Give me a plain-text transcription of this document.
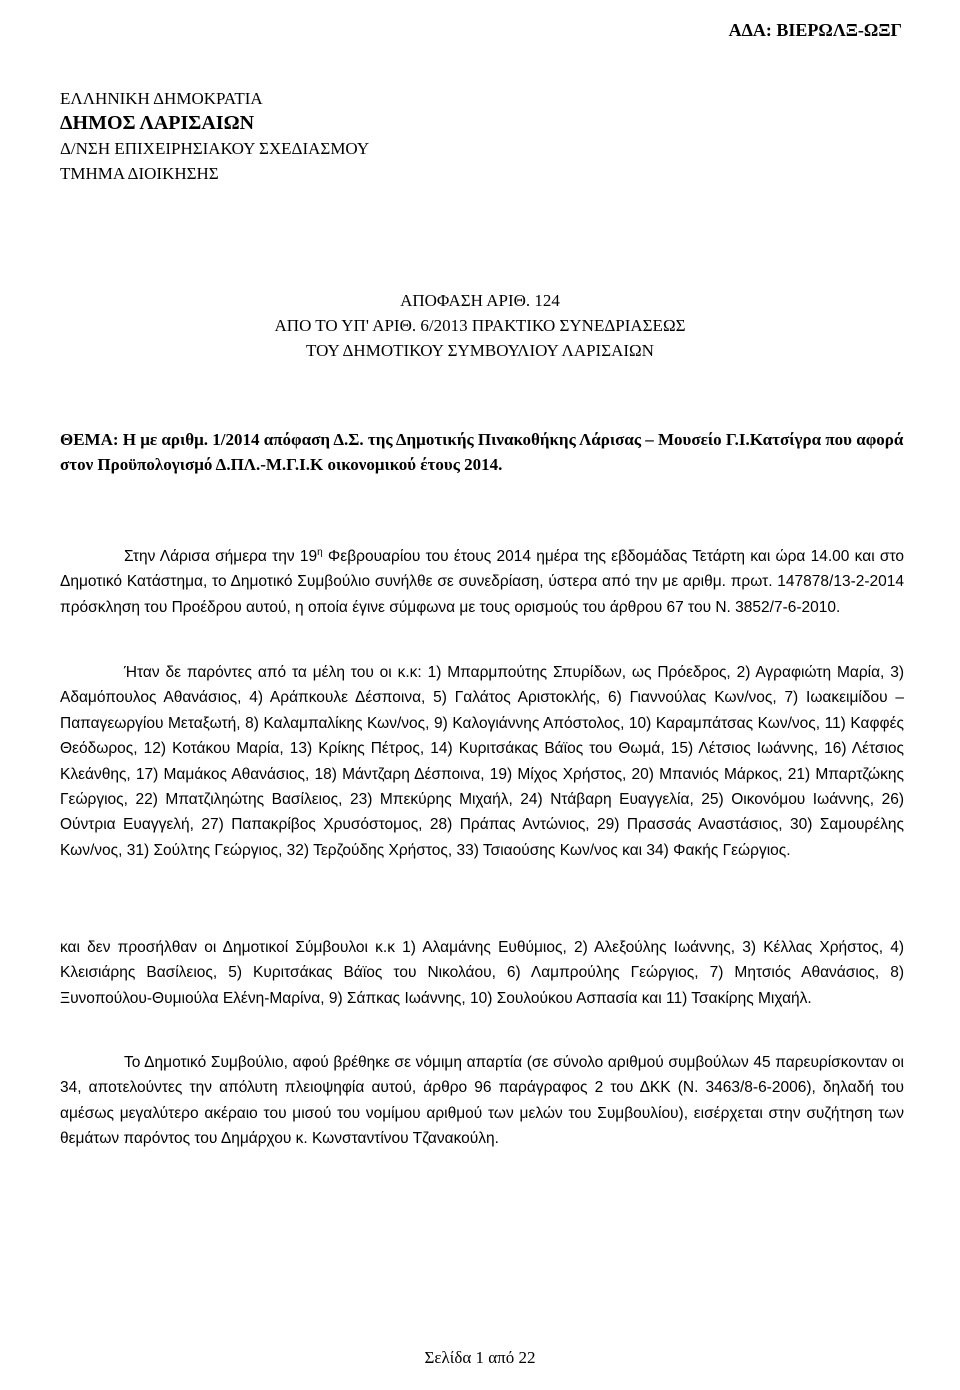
ΑΔΑ: ΒΙΕΡΩΛΞ-ΩΞΓ
ΕΛΛΗΝΙΚΗ ΔΗΜΟΚΡΑΤΙΑ
ΔΗΜΟΣ ΛΑΡΙΣΑΙΩΝ
Δ/ΝΣΗ ΕΠΙΧΕΙΡΗΣΙΑΚΟΥ ΣΧΕΔΙΑΣΜΟΥ
ΤΜΗΜΑ ΔΙΟΙΚΗΣΗΣ
ΑΠΟΦΑΣΗ ΑΡΙΘ. 124
ΑΠΟ ΤΟ ΥΠ' ΑΡΙΘ. 6/2013 ΠΡΑΚΤΙΚΟ ΣΥΝΕΔΡΙΑΣΕΩΣ
ΤΟΥ ΔΗΜΟΤΙΚΟΥ ΣΥΜΒΟΥΛΙΟΥ ΛΑΡΙΣΑΙΩΝ
ΘΕΜΑ: Η με αριθμ. 1/2014 απόφαση Δ.Σ. της Δημοτικής Πινακοθήκης Λάρισας – Μουσείο Γ.Ι.Κατσίγρα που αφορά στον Προϋπολογισμό Δ.ΠΛ.-Μ.Γ.Ι.Κ οικονομικού έτους 2014.
Στην Λάρισα σήμερα την $19^\eta$ Φεβρουαρίου του έτους 2014 ημέρα της εβδομάδας Τετάρτη και ώρα 14.00 και στο Δημοτικό Κατάστημα, το Δημοτικό Συμβούλιο συνήλθε σε συνεδρίαση, ύστερα από την με αριθμ. πρωτ. 147878/13-2-2014 πρόσκληση του Προέδρου αυτού, η οποία έγινε σύμφωνα με τους ορισμούς του άρθρου 67 του Ν. 3852/7-6-2010.
Ήταν δε παρόντες από τα μέλη του οι κ.κ: 1) Μπαρμπούτης Σπυρίδων, ως Πρόεδρος, 2) Αγραφιώτη Μαρία, 3) Αδαμόπουλος Αθανάσιος, 4) Αράπκουλε Δέσποινα, 5) Γαλάτος Αριστοκλής, 6) Γιαννούλας Κων/νος, 7) Ιωακειμίδου – Παπαγεωργίου Μεταξωτή, 8) Καλαμπαλίκης Κων/νος, 9) Καλογιάννης Απόστολος, 10) Καραμπάτσας Κων/νος, 11) Καφφές Θεόδωρος, 12) Κοτάκου Μαρία, 13) Κρίκης Πέτρος, 14) Κυριτσάκας Βάϊος του Θωμά, 15) Λέτσιος Ιωάννης, 16) Λέτσιος Κλεάνθης, 17) Μαμάκος Αθανάσιος, 18) Μάντζαρη Δέσποινα, 19) Μίχος Χρήστος, 20) Μπανιός Μάρκος, 21) Μπαρτζώκης Γεώργιος, 22) Μπατζιληώτης Βασίλειος, 23) Μπεκύρης Μιχαήλ, 24) Ντάβαρη Ευαγγελία, 25) Οικονόμου Ιωάννης, 26) Ούντρια Ευαγγελή, 27) Παπακρίβος Χρυσόστομος, 28) Πράπας Αντώνιος, 29) Πρασσάς Αναστάσιος, 30) Σαμουρέλης Κων/νος, 31) Σούλτης Γεώργιος, 32) Τερζούδης Χρήστος, 33) Τσιαούσης Κων/νος και 34) Φακής Γεώργιος.
και δεν προσήλθαν οι Δημοτικοί Σύμβουλοι κ.κ 1) Αλαμάνης Ευθύμιος, 2) Αλεξούλης Ιωάννης, 3) Κέλλας Χρήστος, 4) Κλεισιάρης Βασίλειος, 5) Κυριτσάκας Βάϊος του Νικολάου, 6) Λαμπρούλης Γεώργιος, 7) Μητσιός Αθανάσιος, 8) Ξυνοπούλου-Θυμιούλα Ελένη-Μαρίνα, 9) Σάπκας Ιωάννης, 10) Σουλούκου Ασπασία και 11) Τσακίρης Μιχαήλ.
Το Δημοτικό Συμβούλιο, αφού βρέθηκε σε νόμιμη απαρτία (σε σύνολο αριθμού συμβούλων 45 παρευρίσκονταν οι 34, αποτελούντες την απόλυτη πλειοψηφία αυτού, άρθρο 96 παράγραφος 2 του ΔΚΚ (Ν. 3463/8-6-2006), δηλαδή του αμέσως μεγαλύτερο ακέραιο του μισού του νομίμου αριθμού των μελών του Συμβουλίου), εισέρχεται στην συζήτηση των θεμάτων παρόντος του Δημάρχου κ. Κωνσταντίνου Τζανακούλη.
Σελίδα 1 από 22
